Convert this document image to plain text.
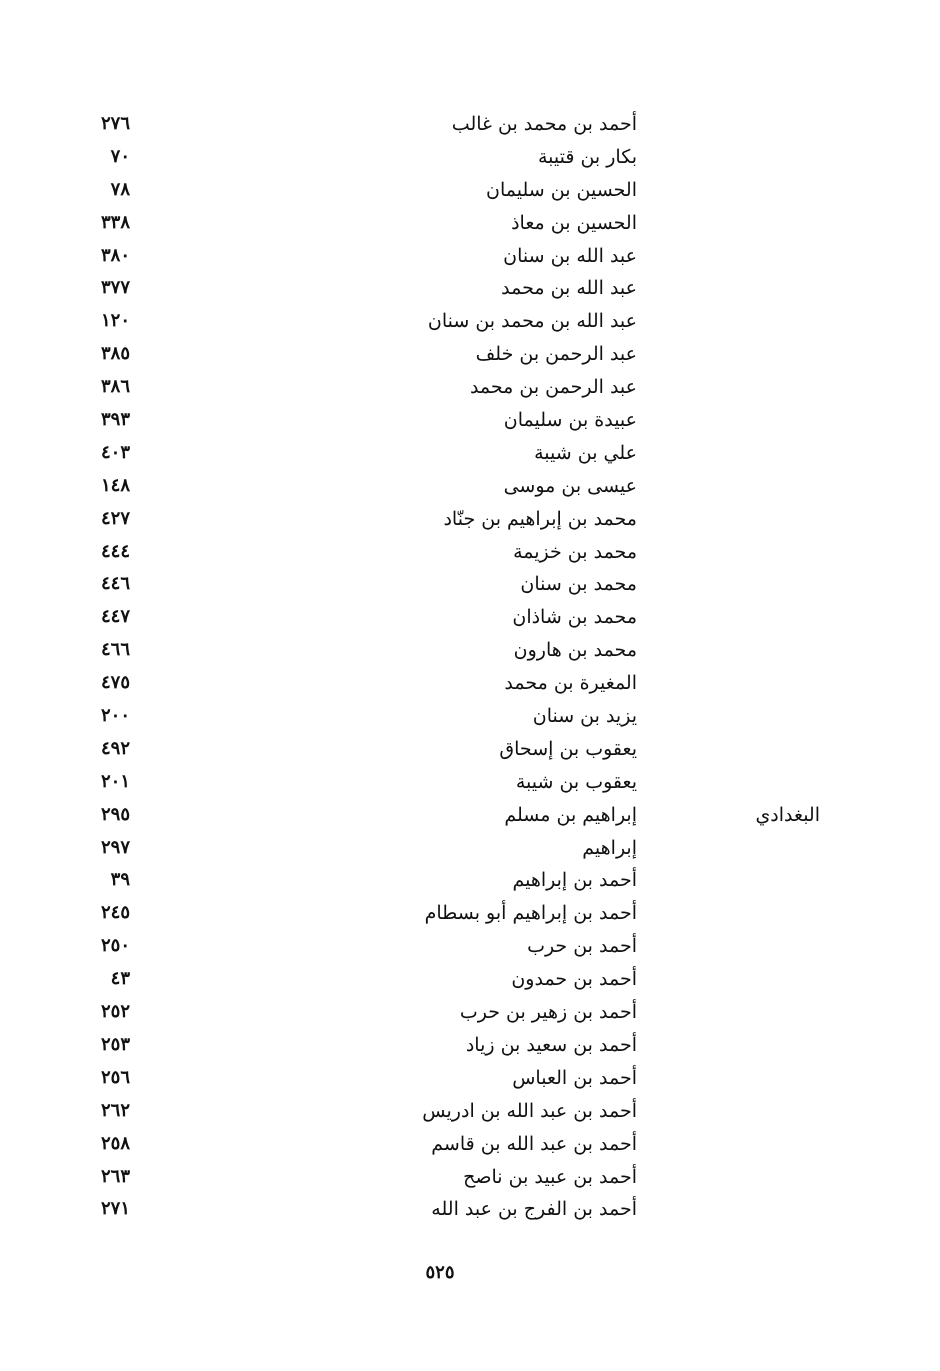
أحمد بن محمد بن غالب
٢٧٦
بكار بن قتيبة
٧٠
الحسين بن سليمان
٧٨
الحسين بن معاذ
٣٣٨
عبد الله بن سنان
٣٨٠
عبد الله بن محمد
٣٧٧
عبد الله بن محمد بن سنان
١٢٠
عبد الرحمن بن خلف
٣٨٥
عبد الرحمن بن محمد
٣٨٦
عبيدة بن سليمان
٣٩٣
علي بن شيبة
٤٠٣
عيسى بن موسى
١٤٨
محمد بن إبراهيم بن جنّاد
٤٢٧
محمد بن خزيمة
٤٤٤
محمد بن سنان
٤٤٦
محمد بن شاذان
٤٤٧
محمد بن هارون
٤٦٦
المغيرة بن محمد
٤٧٥
يزيد بن سنان
٢٠٠
يعقوب بن إسحاق
٤٩٢
يعقوب بن شيبة
٢٠١
إبراهيم بن مسلم
٢٩٥	البغدادي
إبراهيم
٢٩٧
أحمد بن إبراهيم
٣٩
أحمد بن إبراهيم أبو بسطام
٢٤٥
أحمد بن حرب
٢٥٠
أحمد بن حمدون
٤٣
أحمد بن زهير بن حرب
٢٥٢
أحمد بن سعيد بن زياد
٢٥٣
أحمد بن العباس
٢٥٦
أحمد بن عبد الله بن ادريس
٢٦٢
أحمد بن عبد الله بن قاسم
٢٥٨
أحمد بن عبيد بن ناصح
٢٦٣
أحمد بن الفرج بن عبد الله
٢٧١
٥٢٥
